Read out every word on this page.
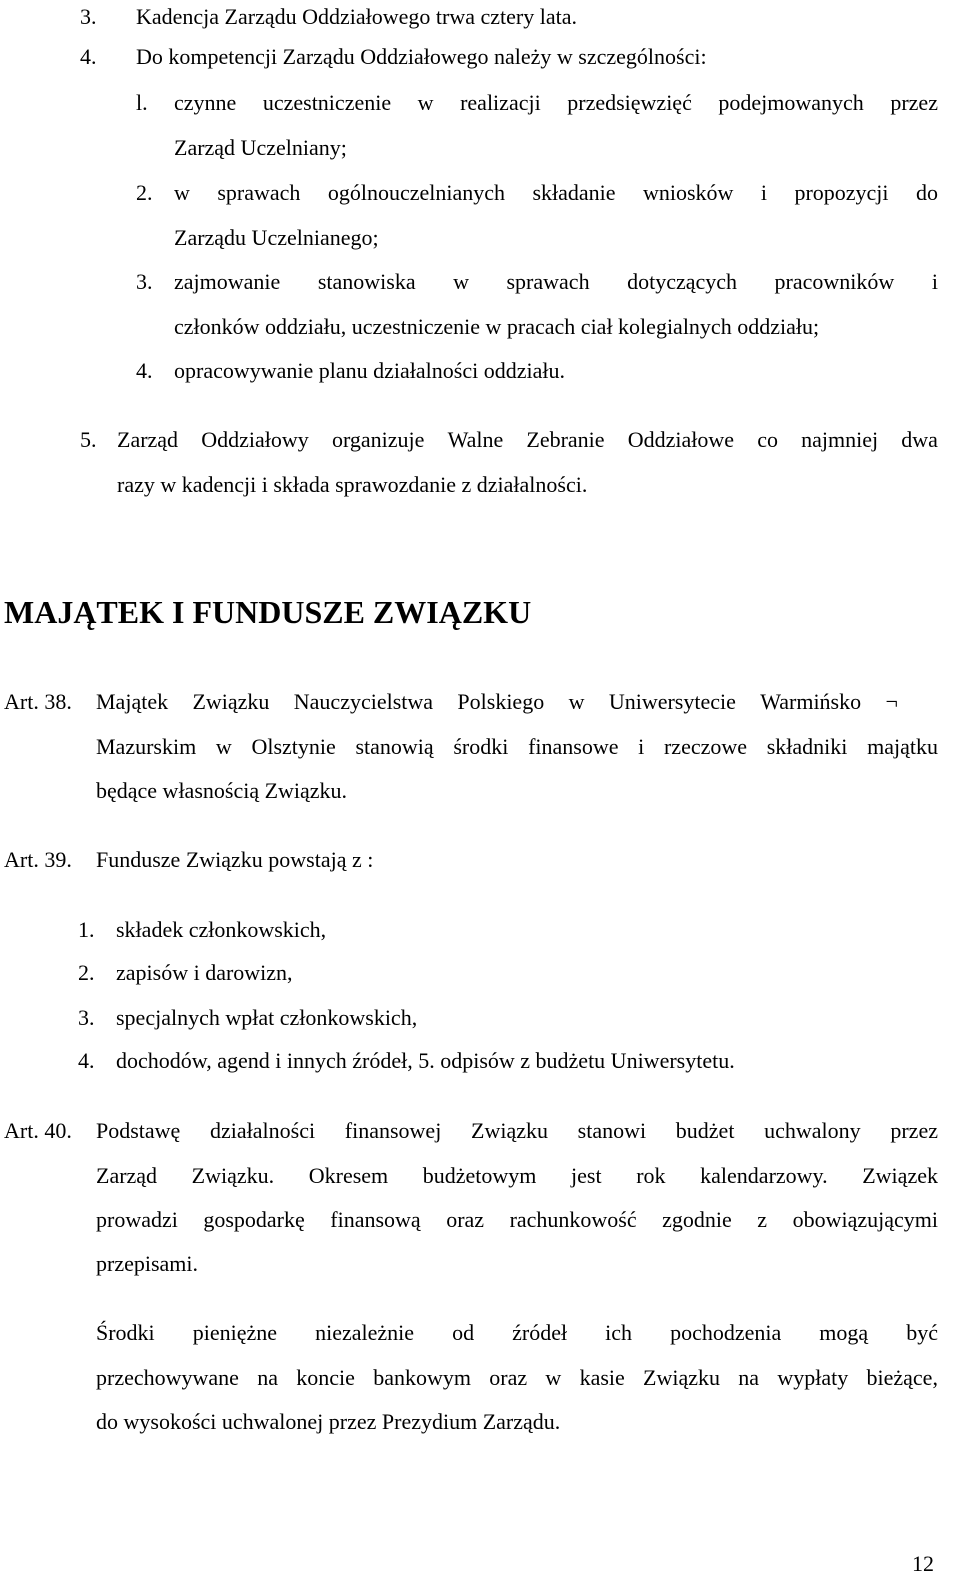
3. Kadencja Zarządu Oddziałowego trwa cztery lata.
4. Do kompetencji Zarządu Oddziałowego należy w szczególności:
l. czynne uczestniczenie w realizacji przedsięwzięć podejmowanych przez
Zarząd Uczelniany;
2. w sprawach ogólnouczelnianych składanie wniosków i propozycji do
Zarządu Uczelnianego;
3. zajmowanie stanowiska w sprawach dotyczących pracowników i
członków oddziału, uczestniczenie w pracach ciał kolegialnych oddziału;
4. opracowywanie planu działalności oddziału.
5. Zarząd Oddziałowy organizuje Walne Zebranie Oddziałowe co najmniej dwa
razy w kadencji i składa sprawozdanie z działalności.
MAJĄTEK I FUNDUSZE ZWIĄZKU
Art. 38. Majątek Związku Nauczycielstwa Polskiego w Uniwersytecie Warmińsko ¬
Mazurskim w Olsztynie stanowią środki finansowe i rzeczowe składniki majątku
będące własnością Związku.
Art. 39. Fundusze Związku powstają z :
1. składek członkowskich,
2. zapisów i darowizn,
3. specjalnych wpłat członkowskich,
4. dochodów, agend i innych źródeł, 5. odpisów z budżetu Uniwersytetu.
Art. 40. Podstawę działalności finansowej Związku stanowi budżet uchwalony przez
Zarząd Związku. Okresem budżetowym jest rok kalendarzowy. Związek
prowadzi gospodarkę finansową oraz rachunkowość zgodnie z obowiązującymi
przepisami.
Środki pieniężne niezależnie od źródeł ich pochodzenia mogą być
przechowywane na koncie bankowym oraz w kasie Związku na wypłaty bieżące,
do wysokości uchwalonej przez Prezydium Zarządu.
12
